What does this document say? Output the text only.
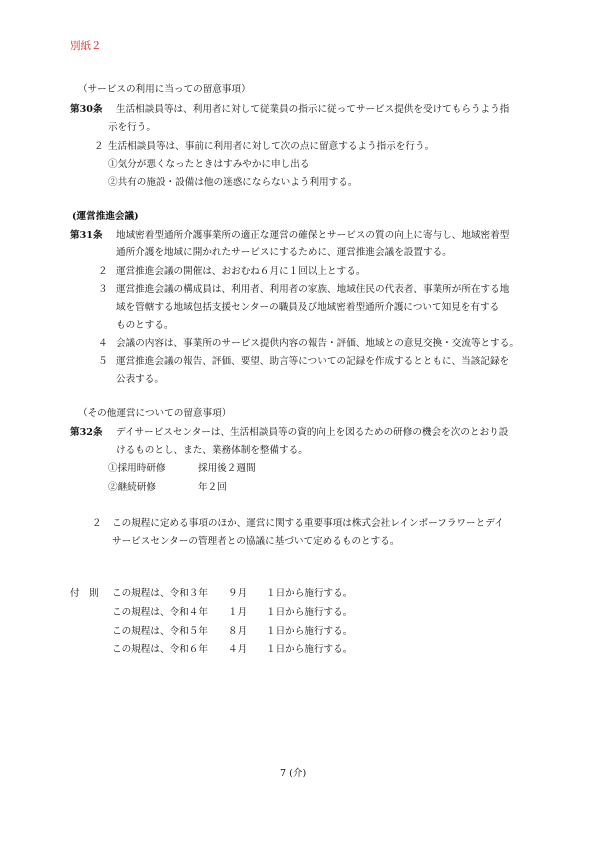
別紙２
（サービスの利用に当っての留意事項）
第30条 生活相談員等は、利用者に対して従業員の指示に従ってサービス提供を受けてもらうよう指
示を行う。
２ 生活相談員等は、事前に利用者に対して次の点に留意するよう指示を行う。
①気分が悪くなったときはすみやかに申し出る
②共有の施設・設備は他の迷惑にならないよう利用する。
(運営推進会議)
第31条 地域密着型通所介護事業所の適正な運営の確保とサービスの質の向上に寄与し、地域密着型
通所介護を地域に開かれたサービスにするために、運営推進会議を設置する。
２ 運営推進会議の開催は、おおむね６月に１回以上とする。
３ 運営推進会議の構成員は、利用者、利用者の家族、地域住民の代表者、事業所が所在する地
域を管轄する地域包括支援センターの職員及び地域密着型通所介護について知見を有する
ものとする。
４ 会議の内容は、事業所のサービス提供内容の報告・評価、地域との意見交換・交流等とする。
５ 運営推進会議の報告、評価、要望、助言等についての記録を作成するとともに、当該記録を
公表する。
（その他運営についての留意事項）
第32条 デイサービスセンターは、生活相談員等の資的向上を図るための研修の機会を次のとおり設
けるものとし、また、業務体制を整備する。
①採用時研修	採用後２週間
②継続研修	年２回
２ この規程に定める事項のほか、運営に関する重要事項は株式会社レインボーフラワーとデイ
サービスセンターの管理者との協議に基づいて定めるものとする。
付　則 この規程は、令和３年 ９月 １日から施行する。
この規程は、令和４年 １月 １日から施行する。
この規程は、令和５年 ８月 １日から施行する。
この規程は、令和６年 ４月 １日から施行する。
7 (介)
